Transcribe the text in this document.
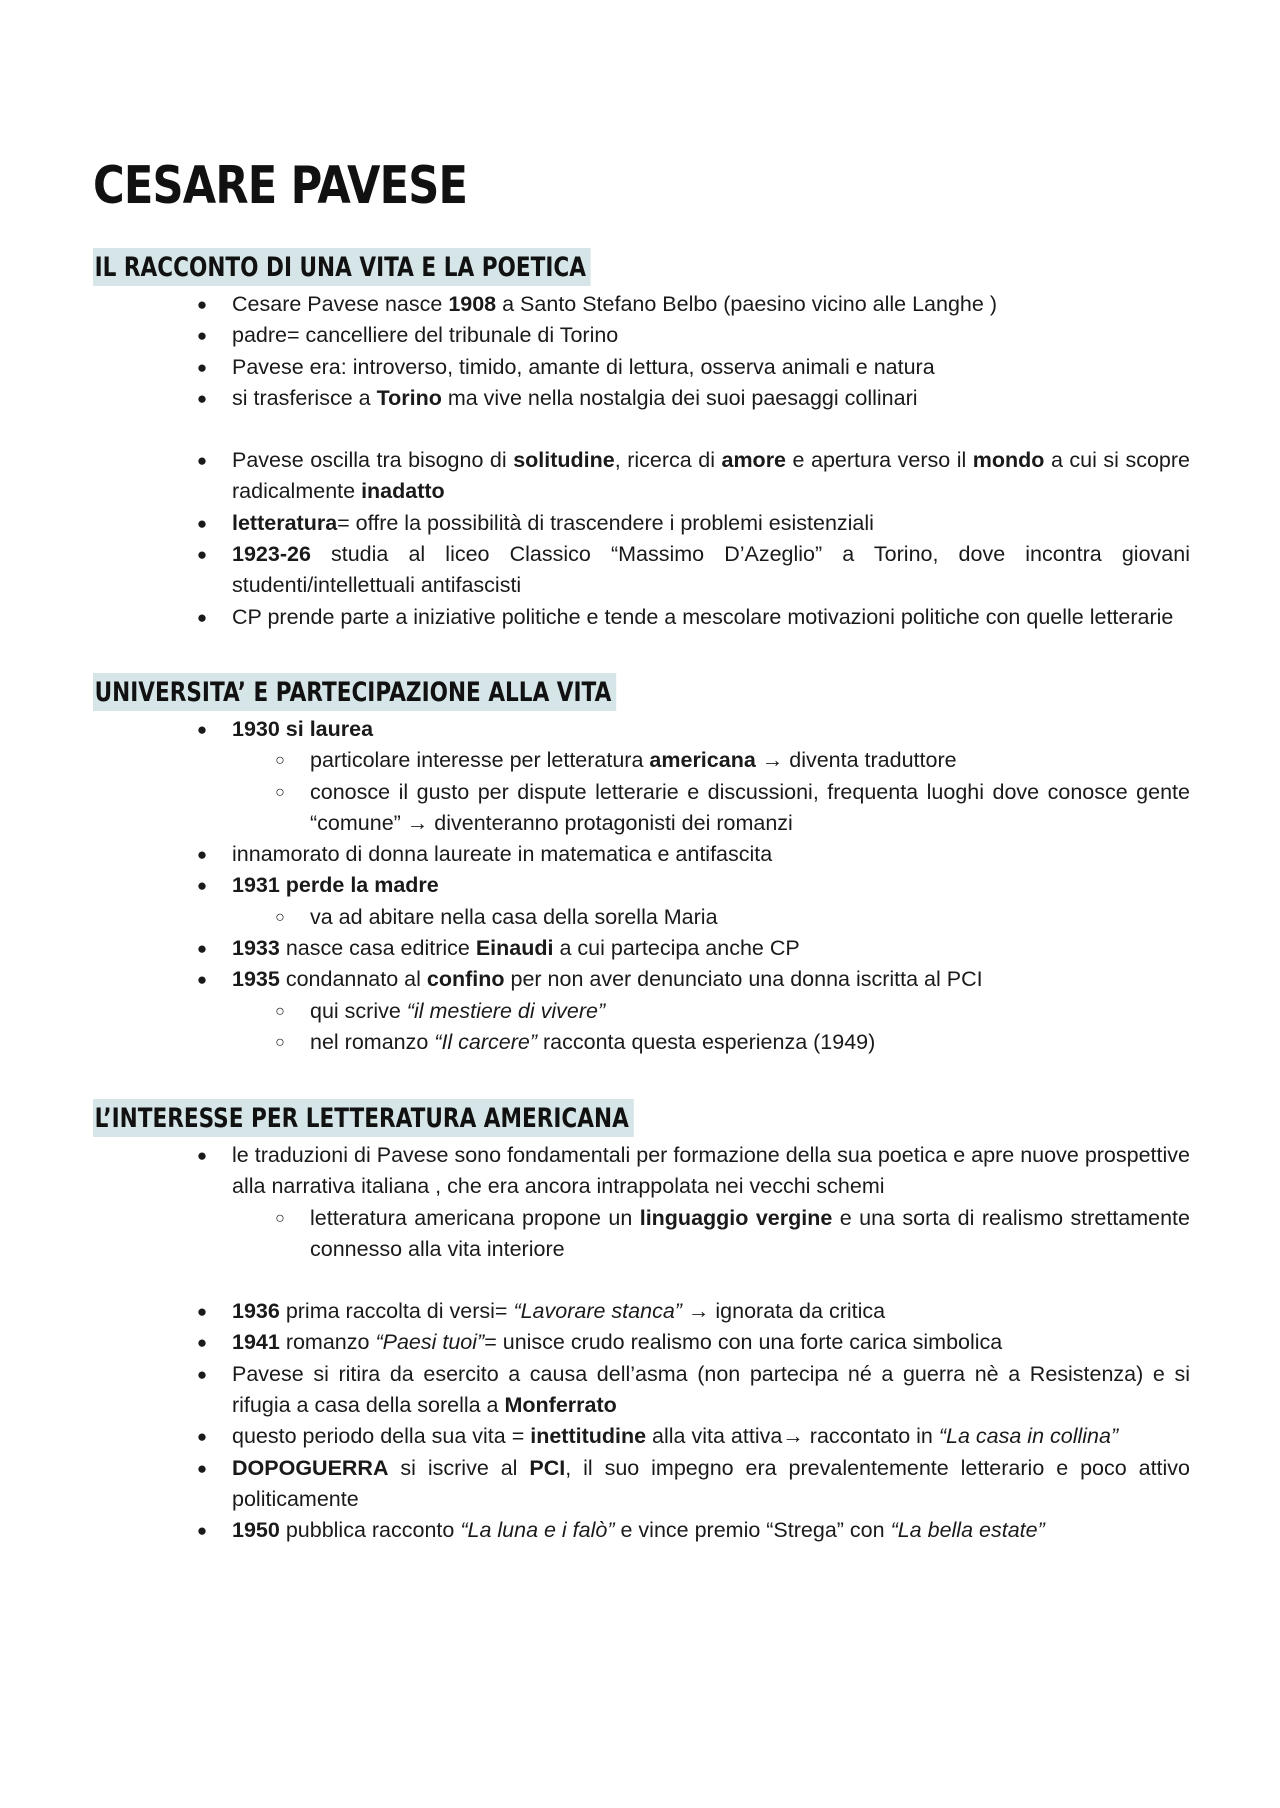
CESARE PAVESE
IL RACCONTO DI UNA VITA E LA POETICA
● Cesare Pavese nasce 1908 a Santo Stefano Belbo (paesino vicino alle Langhe )
● padre= cancelliere del tribunale di Torino
● Pavese era: introverso, timido, amante di lettura, osserva animali e natura
● si trasferisce a Torino ma vive nella nostalgia dei suoi paesaggi collinari
● Pavese oscilla tra bisogno di solitudine, ricerca di amore e apertura verso il mondo a cui si scopre radicalmente inadatto
● letteratura= offre la possibilità di trascendere i problemi esistenziali
● 1923-26 studia al liceo Classico “Massimo D’Azeglio” a Torino, dove incontra giovani studenti/intellettuali antifascisti
● CP prende parte a iniziative politiche e tende a mescolare motivazioni politiche con quelle letterarie
UNIVERSITA’ E PARTECIPAZIONE ALLA VITA
● 1930 si laurea
○ particolare interesse per letteratura americana → diventa traduttore
○ conosce il gusto per dispute letterarie e discussioni, frequenta luoghi dove conosce gente “comune” → diventeranno protagonisti dei romanzi
● innamorato di donna laureate in matematica e antifascita
● 1931 perde la madre
○ va ad abitare nella casa della sorella Maria
● 1933 nasce casa editrice Einaudi a cui partecipa anche CP
● 1935 condannato al confino per non aver denunciato una donna iscritta al PCI
○ qui scrive “il mestiere di vivere”
○ nel romanzo “Il carcere” racconta questa esperienza (1949)
L’INTERESSE PER LETTERATURA AMERICANA
● le traduzioni di Pavese sono fondamentali per formazione della sua poetica e apre nuove prospettive alla narrativa italiana , che era ancora intrappolata nei vecchi schemi
○ letteratura americana propone un linguaggio vergine e una sorta di realismo strettamente connesso alla vita interiore
● 1936 prima raccolta di versi= “Lavorare stanca” → ignorata da critica
● 1941 romanzo “Paesi tuoi”= unisce crudo realismo con una forte carica simbolica
● Pavese si ritira da esercito a causa dell’asma (non partecipa né a guerra nè a Resistenza) e si rifugia a casa della sorella a Monferrato
● questo periodo della sua vita = inettitudine alla vita attiva→ raccontato in “La casa in collina”
● DOPOGUERRA si iscrive al PCI, il suo impegno era prevalentemente letterario e poco attivo politicamente
● 1950 pubblica racconto “La luna e i falò” e vince premio “Strega” con “La bella estate”
